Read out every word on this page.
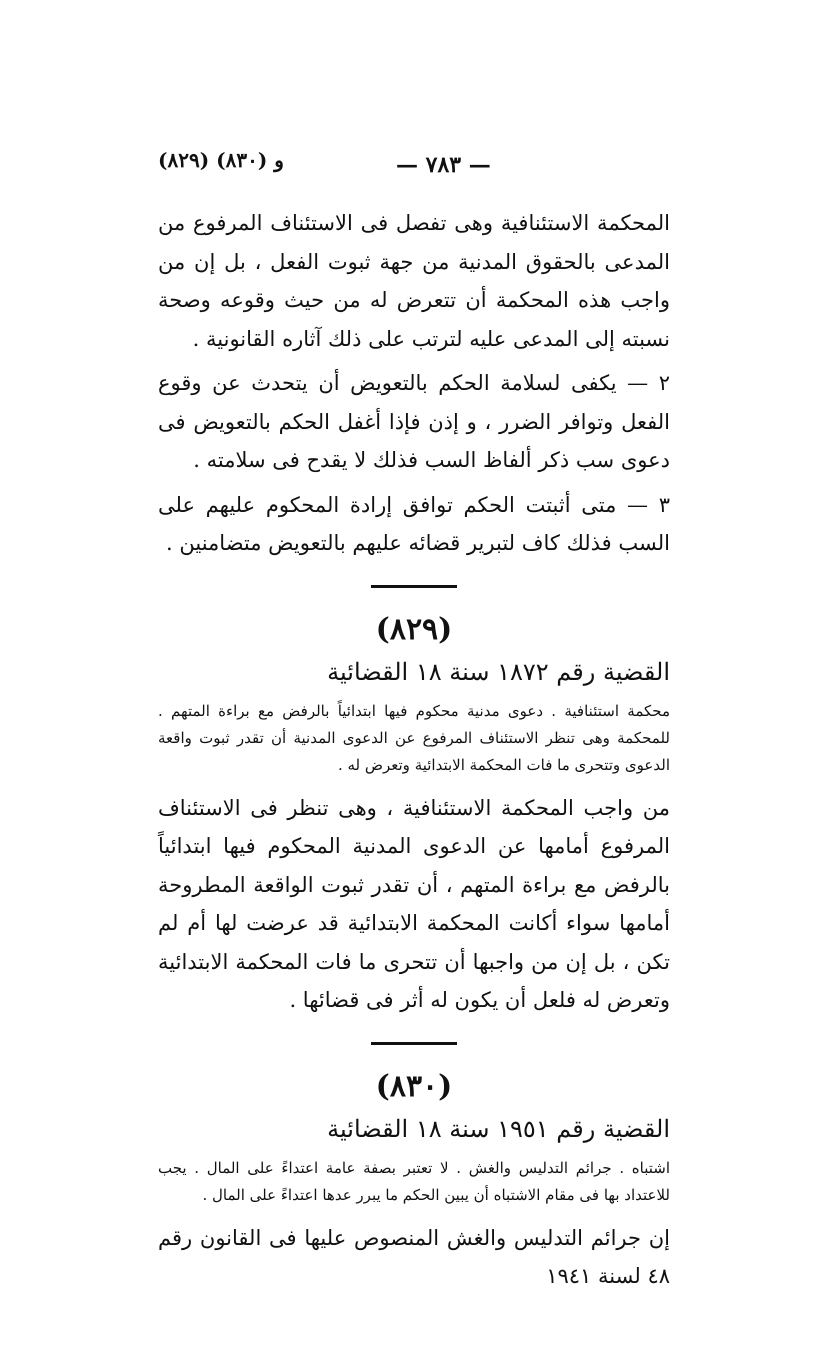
— ٧٨٣ —
(٨٢٩) و (٨٣٠)

المحكمة الاستئنافية وهى تفصل فى الاستئناف المرفوع من المدعى بالحقوق المدنية من جهة ثبوت الفعل ، بل إن من واجب هذه المحكمة أن تتعرض له من حيث وقوعه وصحة نسبته إلى المدعى عليه لترتب على ذلك آثاره القانونية .

٢ — يكفى لسلامة الحكم بالتعويض أن يتحدث عن وقوع الفعل وتوافر الضرر ، و إذن فإذا أغفل الحكم بالتعويض فى دعوى سب ذكر ألفاظ السب فذلك لا يقدح فى سلامته .

٣ — متى أثبتت الحكم توافق إرادة المحكوم عليهم على السب فذلك كاف لتبرير قضائه عليهم بالتعويض متضامنين .

(٨٢٩)
القضية رقم ١٨٧٢ سنة ١٨ القضائية
محكمة استئنافية . دعوى مدنية محكوم فيها ابتدائياً بالرفض مع براءة المتهم . للمحكمة وهى تنظر الاستئناف المرفوع عن الدعوى المدنية أن تقدر ثبوت واقعة الدعوى وتتحرى ما فات المحكمة الابتدائية وتعرض له .

من واجب المحكمة الاستئنافية ، وهى تنظر فى الاستئناف المرفوع أمامها عن الدعوى المدنية المحكوم فيها ابتدائياً بالرفض مع براءة المتهم ، أن تقدر ثبوت الواقعة المطروحة أمامها سواء أكانت المحكمة الابتدائية قد عرضت لها أم لم تكن ، بل إن من واجبها أن تتحرى ما فات المحكمة الابتدائية وتعرض له فلعل أن يكون له أثر فى قضائها .

(٨٣٠)
القضية رقم ١٩٥١ سنة ١٨ القضائية
اشتباه . جرائم التدليس والغش . لا تعتبر بصفة عامة اعتداءً على المال . يجب للاعتداد بها فى مقام الاشتباه أن يبين الحكم ما يبرر عدها اعتداءً على المال .

إن جرائم التدليس والغش المنصوص عليها فى القانون رقم ٤٨ لسنة ١٩٤١
